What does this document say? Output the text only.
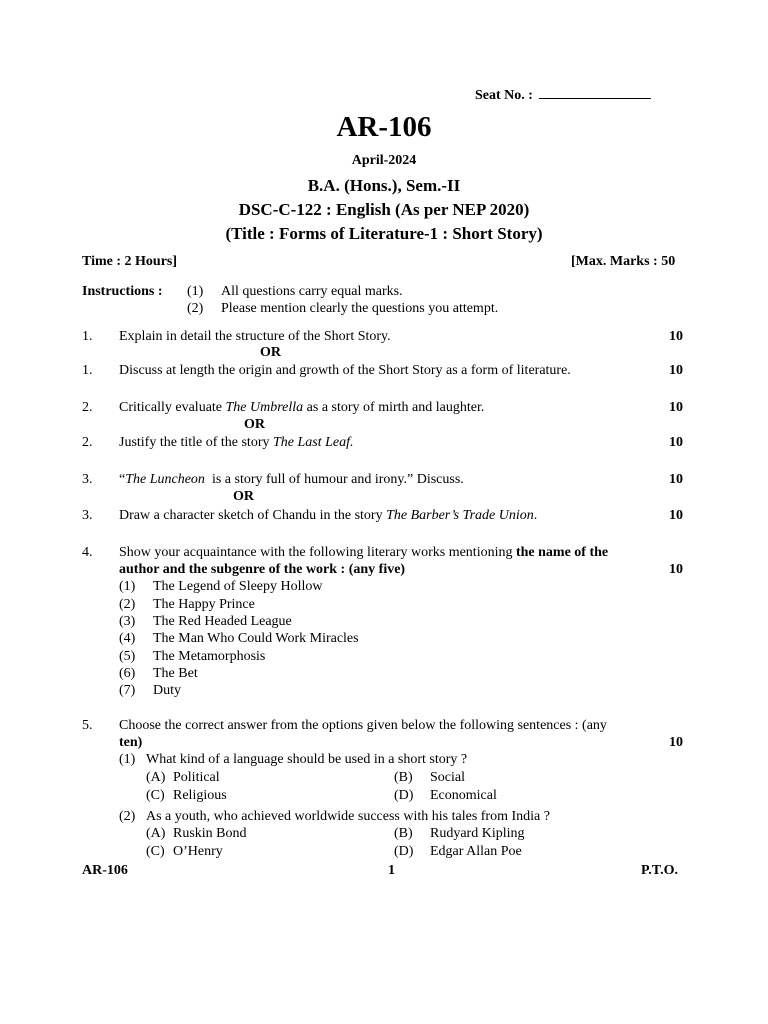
Seat No. :
AR-106
April-2024
B.A. (Hons.), Sem.-II
DSC-C-122 : English (As per NEP 2020)
(Title : Forms of Literature-1 : Short Story)
Time : 2 Hours]	[Max. Marks : 50
Instructions : (1) All questions carry equal marks.
(2) Please mention clearly the questions you attempt.
1. Explain in detail the structure of the Short Story.	10
OR
1. Discuss at length the origin and growth of the Short Story as a form of literature.	10
2. Critically evaluate The Umbrella as a story of mirth and laughter.	10
OR
2. Justify the title of the story The Last Leaf.	10
3. “The Luncheon  is a story full of humour and irony.” Discuss.	10
OR
3. Draw a character sketch of Chandu in the story The Barber’s Trade Union.	10
4. Show your acquaintance with the following literary works mentioning the name of the
author and the subgenre of the work : (any five)	10
(1) The Legend of Sleepy Hollow
(2) The Happy Prince
(3) The Red Headed League
(4) The Man Who Could Work Miracles
(5) The Metamorphosis
(6) The Bet
(7) Duty
5. Choose the correct answer from the options given below the following sentences : (any
ten)	10
(1) What kind of a language should be used in a short story ?
(A) Political	(B) Social
(C) Religious	(D) Economical
(2) As a youth, who achieved worldwide success with his tales from India ?
(A) Ruskin Bond	(B) Rudyard Kipling
(C) O’Henry	(D) Edgar Allan Poe
AR-106	1	P.T.O.
